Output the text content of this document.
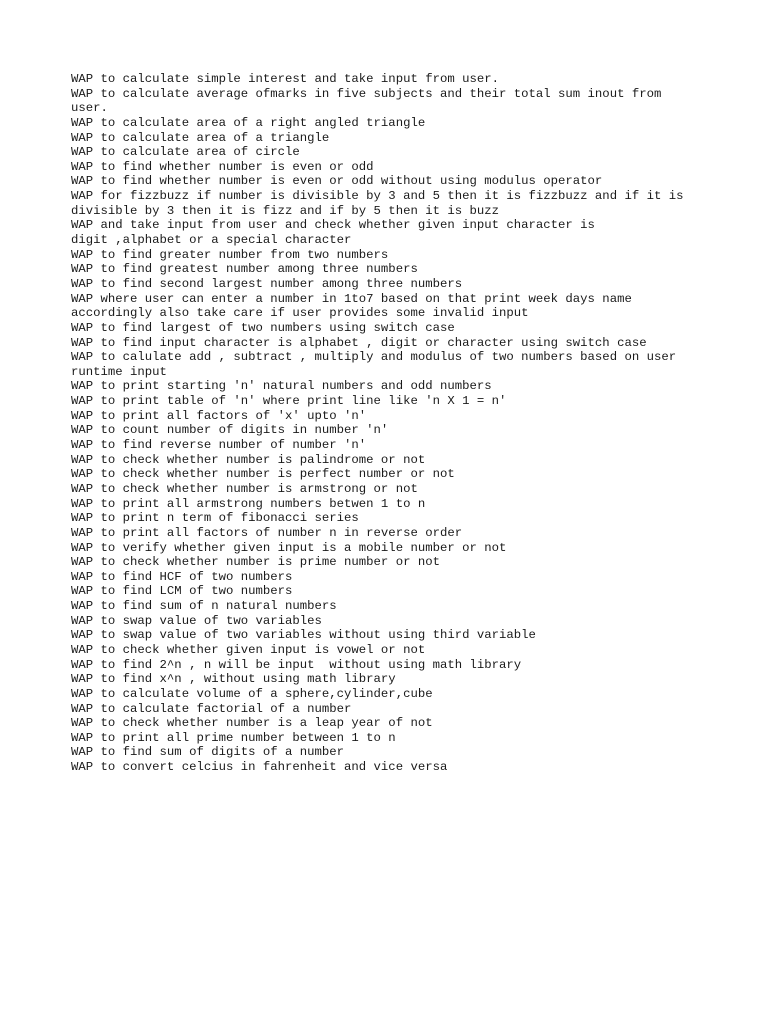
WAP to calculate simple interest and take input from user.
WAP to calculate average ofmarks in five subjects and their total sum inout from
user.
WAP to calculate area of a right angled triangle
WAP to calculate area of a triangle
WAP to calculate area of circle
WAP to find whether number is even or odd
WAP to find whether number is even or odd without using modulus operator
WAP for fizzbuzz if number is divisible by 3 and 5 then it is fizzbuzz and if it is
divisible by 3 then it is fizz and if by 5 then it is buzz
WAP and take input from user and check whether given input character is
digit ,alphabet or a special character
WAP to find greater number from two numbers
WAP to find greatest number among three numbers
WAP to find second largest number among three numbers
WAP where user can enter a number in 1to7 based on that print week days name
accordingly also take care if user provides some invalid input
WAP to find largest of two numbers using switch case
WAP to find input character is alphabet , digit or character using switch case
WAP to calulate add , subtract , multiply and modulus of two numbers based on user
runtime input
WAP to print starting 'n' natural numbers and odd numbers
WAP to print table of 'n' where print line like 'n X 1 = n'
WAP to print all factors of 'x' upto 'n'
WAP to count number of digits in number 'n'
WAP to find reverse number of number 'n'
WAP to check whether number is palindrome or not
WAP to check whether number is perfect number or not
WAP to check whether number is armstrong or not
WAP to print all armstrong numbers betwen 1 to n
WAP to print n term of fibonacci series
WAP to print all factors of number n in reverse order
WAP to verify whether given input is a mobile number or not
WAP to check whether number is prime number or not
WAP to find HCF of two numbers
WAP to find LCM of two numbers
WAP to find sum of n natural numbers
WAP to swap value of two variables
WAP to swap value of two variables without using third variable
WAP to check whether given input is vowel or not
WAP to find 2^n , n will be input  without using math library
WAP to find x^n , without using math library
WAP to calculate volume of a sphere,cylinder,cube
WAP to calculate factorial of a number
WAP to check whether number is a leap year of not
WAP to print all prime number between 1 to n
WAP to find sum of digits of a number
WAP to convert celcius in fahrenheit and vice versa
